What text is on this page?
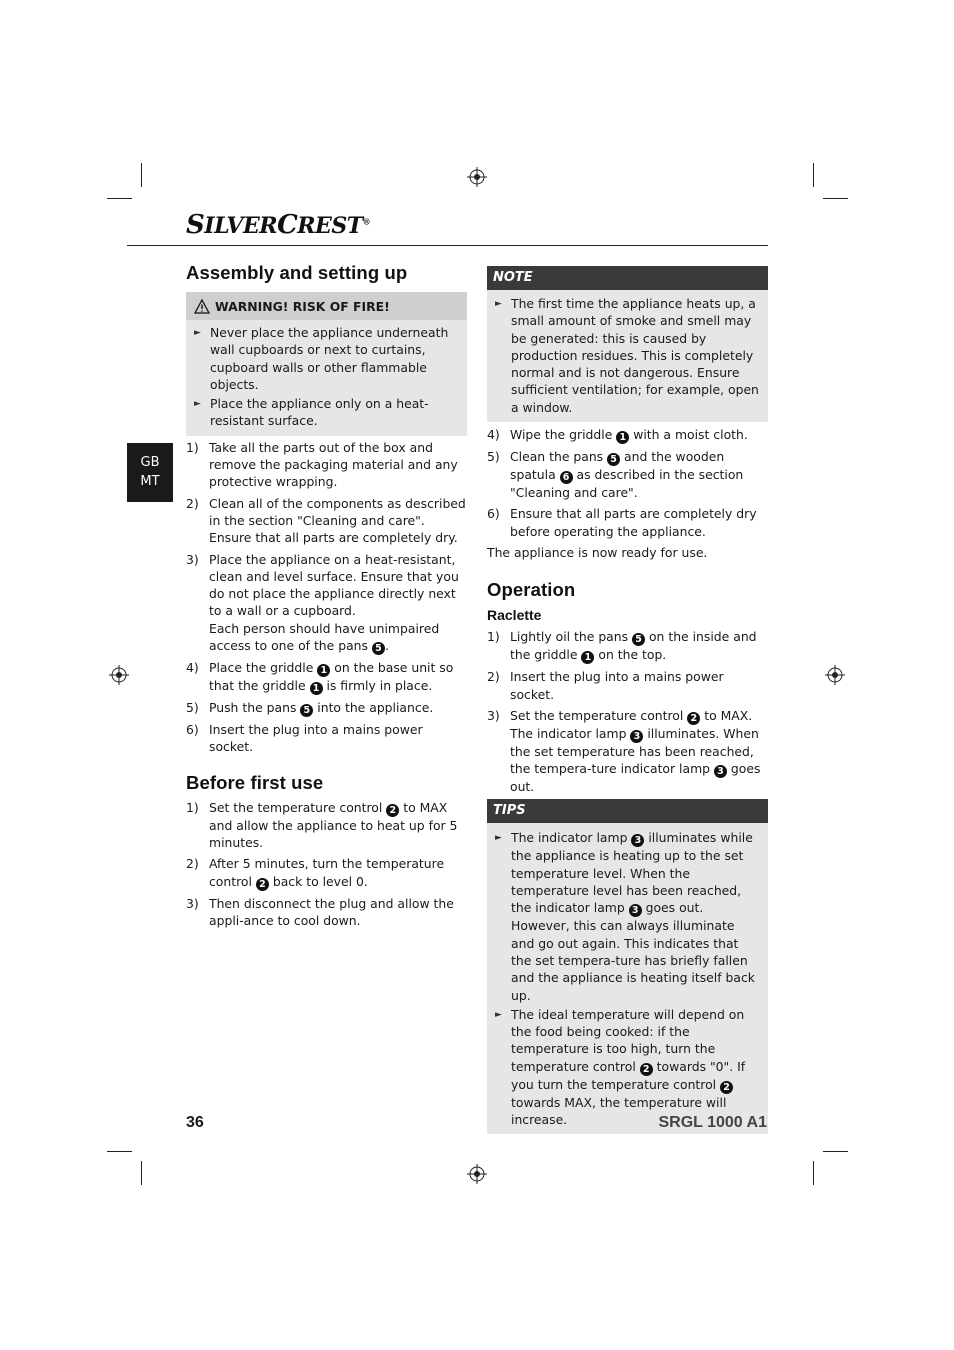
SILVERCREST®
GB
MT
Assembly and setting up
WARNING! RISK OF FIRE!
► Never place the appliance underneath wall cupboards or next to curtains, cupboard walls or other flammable objects.
► Place the appliance only on a heat-resistant surface.
1) Take all the parts out of the box and remove the packaging material and any protective wrapping.
2) Clean all of the components as described in the section "Cleaning and care". Ensure that all parts are completely dry.
3) Place the appliance on a heat-resistant, clean and level surface. Ensure that you do not place the appliance directly next to a wall or a cupboard.
Each person should have unimpaired access to one of the pans 5 .
4) Place the griddle 1 on the base unit so that the griddle 1 is firmly in place.
5) Push the pans 5 into the appliance.
6) Insert the plug into a mains power socket.
Before first use
1) Set the temperature control 2 to MAX and allow the appliance to heat up for 5 minutes.
2) After 5 minutes, turn the temperature control 2 back to level 0.
3) Then disconnect the plug and allow the appli-ance to cool down.
NOTE
► The first time the appliance heats up, a small amount of smoke and smell may be generated: this is caused by production residues. This is completely normal and is not dangerous. Ensure sufficient ventilation; for example, open a window.
4) Wipe the griddle 1 with a moist cloth.
5) Clean the pans 5 and the wooden spatula 6 as described in the section "Cleaning and care".
6) Ensure that all parts are completely dry before operating the appliance.
The appliance is now ready for use.
Operation
Raclette
1) Lightly oil the pans 5 on the inside and the griddle 1 on the top.
2) Insert the plug into a mains power socket.
3) Set the temperature control 2 to MAX. The indicator lamp 3 illuminates. When the set temperature has been reached, the tempera-ture indicator lamp 3 goes out.
TIPS
► The indicator lamp 3 illuminates while the appliance is heating up to the set temperature level. When the temperature level has been reached, the indicator lamp 3 goes out. However, this can always illuminate and go out again. This indicates that the set tempera-ture has briefly fallen and the appliance is heating itself back up.
► The ideal temperature will depend on the food being cooked: if the temperature is too high, turn the temperature control 2 towards "0". If you turn the temperature control 2 towards MAX, the temperature will increase.
36	SRGL 1000 A1
